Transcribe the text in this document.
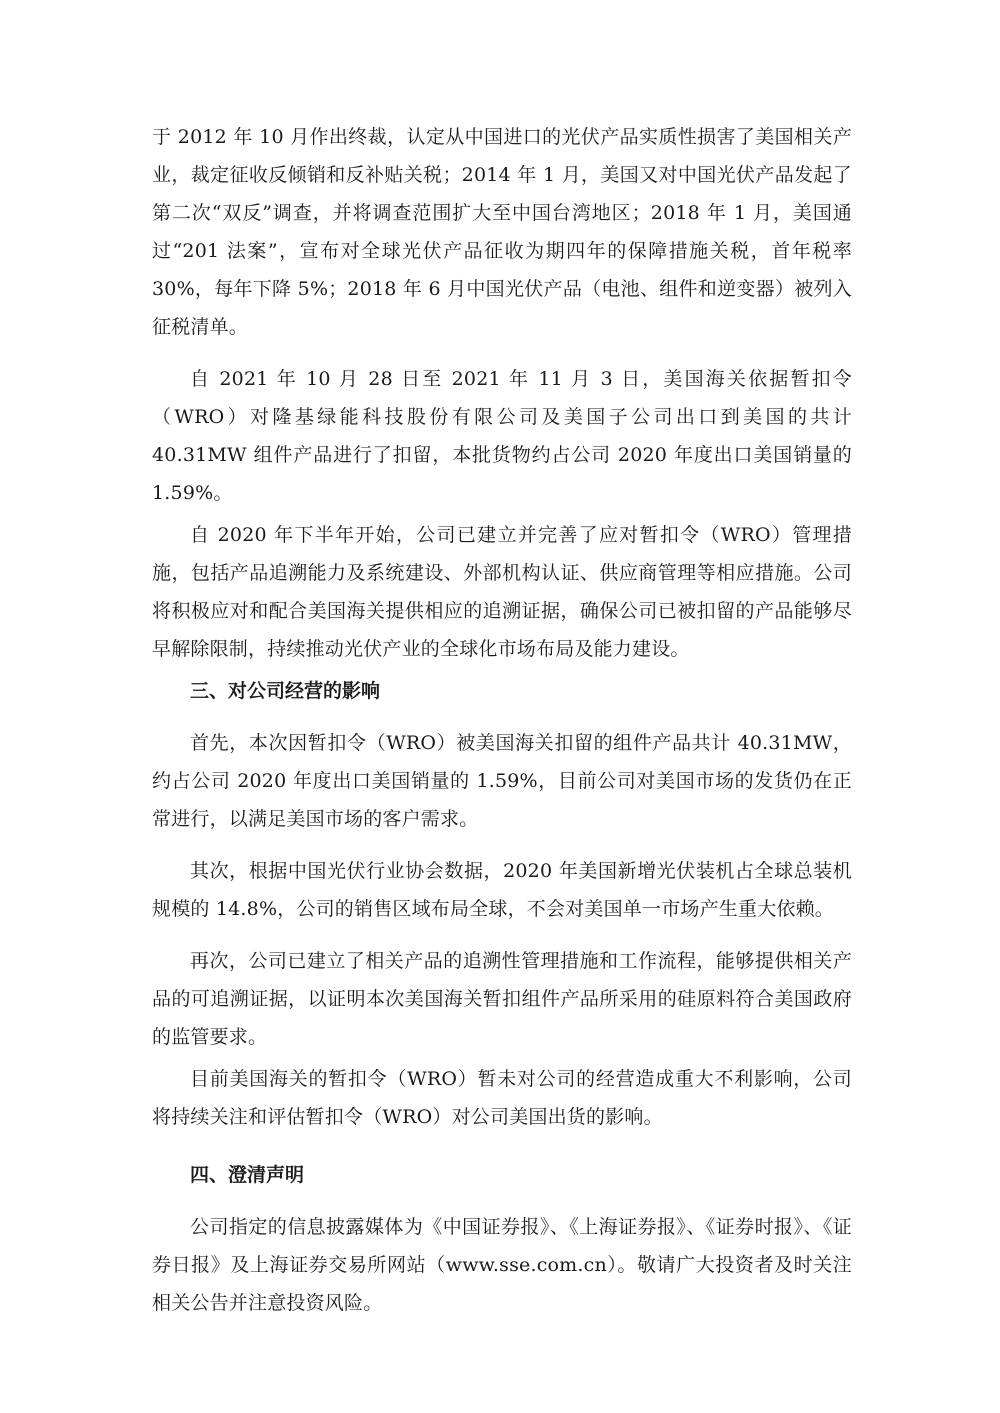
于 2012 年 10 月作出终裁，认定从中国进口的光伏产品实质性损害了美国相关产业，裁定征收反倾销和反补贴关税；2014 年 1 月，美国又对中国光伏产品发起了第二次“双反”调查，并将调查范围扩大至中国台湾地区；2018 年 1 月，美国通过“201 法案”，宣布对全球光伏产品征收为期四年的保障措施关税，首年税率 30%，每年下降 5%；2018 年 6 月中国光伏产品（电池、组件和逆变器）被列入征税清单。

自 2021 年 10 月 28 日至 2021 年 11 月 3 日，美国海关依据暂扣令（WRO）对隆基绿能科技股份有限公司及美国子公司出口到美国的共计 40.31MW 组件产品进行了扣留，本批货物约占公司 2020 年度出口美国销量的 1.59%。

自 2020 年下半年开始，公司已建立并完善了应对暂扣令（WRO）管理措施，包括产品追溯能力及系统建设、外部机构认证、供应商管理等相应措施。公司将积极应对和配合美国海关提供相应的追溯证据，确保公司已被扣留的产品能够尽早解除限制，持续推动光伏产业的全球化市场布局及能力建设。

三、对公司经营的影响

首先，本次因暂扣令（WRO）被美国海关扣留的组件产品共计 40.31MW，约占公司 2020 年度出口美国销量的 1.59%，目前公司对美国市场的发货仍在正常进行，以满足美国市场的客户需求。

其次，根据中国光伏行业协会数据，2020 年美国新增光伏装机占全球总装机规模的 14.8%，公司的销售区域布局全球，不会对美国单一市场产生重大依赖。

再次，公司已建立了相关产品的追溯性管理措施和工作流程，能够提供相关产品的可追溯证据，以证明本次美国海关暂扣组件产品所采用的硅原料符合美国政府的监管要求。

目前美国海关的暂扣令（WRO）暂未对公司的经营造成重大不利影响，公司将持续关注和评估暂扣令（WRO）对公司美国出货的影响。

四、澄清声明

公司指定的信息披露媒体为《中国证券报》、《上海证券报》、《证券时报》、《证券日报》及上海证券交易所网站（www.sse.com.cn）。敬请广大投资者及时关注相关公告并注意投资风险。
